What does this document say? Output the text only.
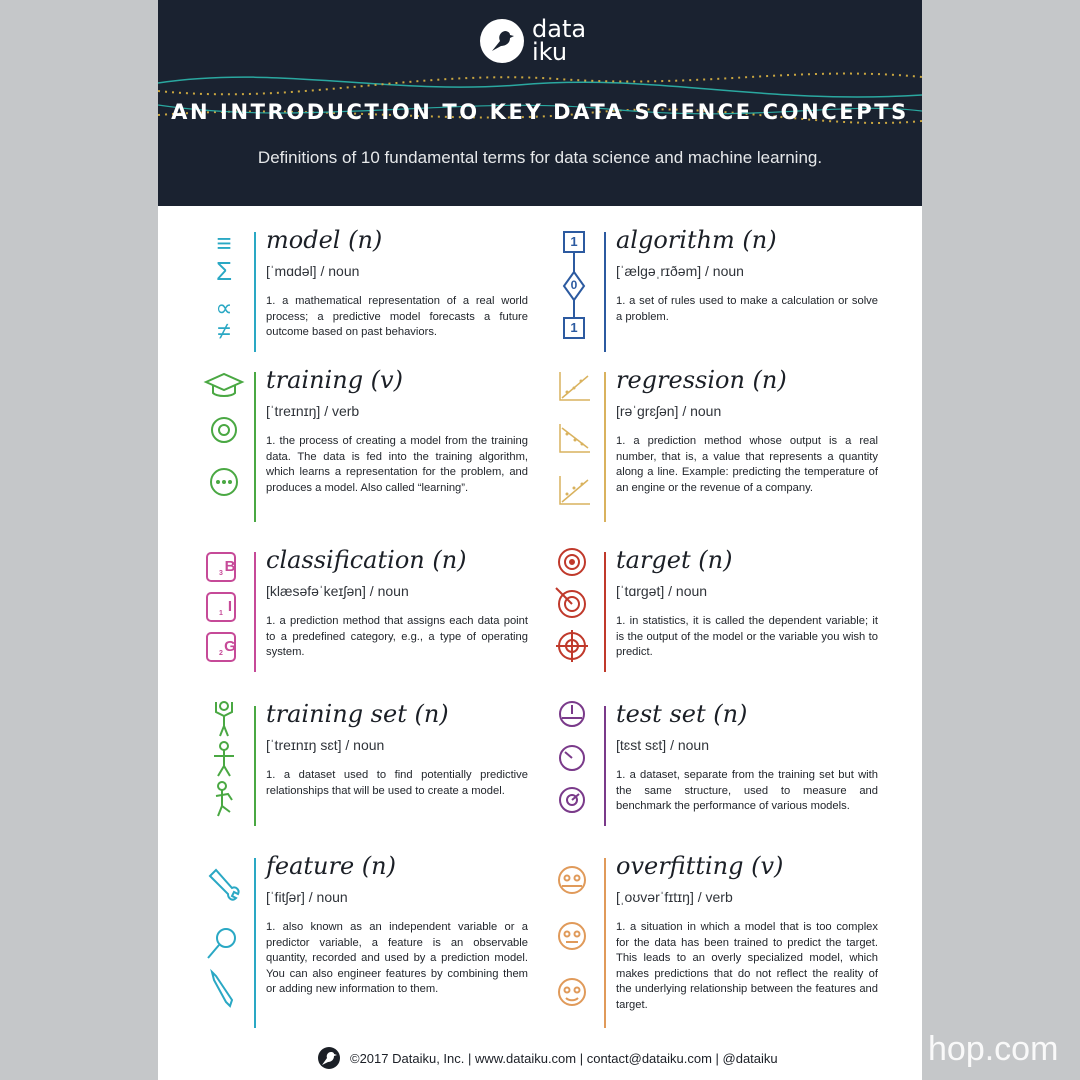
data
iku
AN INTRODUCTION TO KEY DATA SCIENCE CONCEPTS
Definitions of 10 fundamental terms for data science and machine learning.
≡
Σ
∝
≠
model (n)
[ˈmɑdəl] / noun
1. a mathematical representation of a real world process; a predictive model forecasts a future outcome based on past behaviors.
1
0
1
algorithm (n)
[ˈælgəˌrɪðəm] / noun
1. a set of rules used to make a calculation or solve a problem.
training (v)
[ˈtreɪnɪŋ] / verb
1. the process of creating a model from the training data. The data is fed into the training algorithm, which learns a representation for the problem, and produces a model. Also called “learning”.
regression (n)
[rəˈgrɛʃən] / noun
1. a prediction method whose output is a real number, that is, a value that represents a quantity along a line. Example: predicting the temperature of an engine or the revenue of a company.
B
$_3$
I
$_1$
G
$_2$
classification (n)
[klæsəfəˈkeɪʃən] / noun
1. a prediction method that assigns each data point to a predefined category, e.g., a type of operating system.
target (n)
[ˈtɑrgət] / noun
1. in statistics, it is called the dependent variable; it is the output of the model or the variable you wish to predict.
training set (n)
[ˈtreɪnɪŋ sɛt] / noun
1. a dataset used to find potentially predictive relationships that will be used to create a model.
test set (n)
[tɛst sɛt] / noun
1. a dataset, separate from the training set but with the same structure, used to measure and benchmark the performance of various models.
feature (n)
[ˈfitʃər] / noun
1. also known as an independent variable or a predictor variable, a feature is an observable quantity, recorded and used by a prediction model. You can also engineer features by combining them or adding new information to them.
overfitting (v)
[ˌoʊvərˈfɪtɪŋ] / verb
1. a situation in which a model that is too complex for the data has been trained to predict the target. This leads to an overly specialized model, which makes predictions that do not reflect the reality of the underlying relationship between the features and target.
©2017 Dataiku, Inc. | www.dataiku.com | contact@dataiku.com | @dataiku	hop.com
